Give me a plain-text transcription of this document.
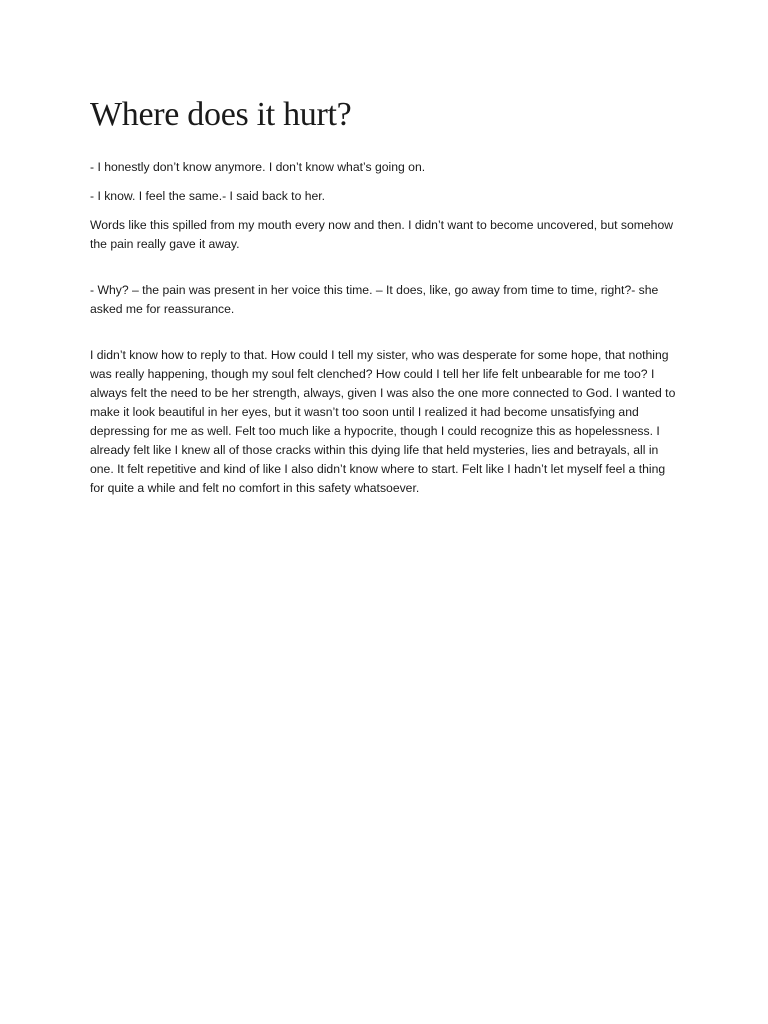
Where does it hurt?

- I honestly don’t know anymore. I don’t know what’s going on.

- I know. I feel the same.- I said back to her.

Words like this spilled from my mouth every now and then. I didn’t want to become uncovered, but somehow the pain really gave it away.

- Why? – the pain was present in her voice this time. – It does, like, go away from time to time, right?- she asked me for reassurance.

I didn’t know how to reply to that. How could I tell my sister, who was desperate for some hope, that nothing was really happening, though my soul felt clenched? How could I tell her life felt unbearable for me too? I always felt the need to be her strength, always, given I was also the one more connected to God. I wanted to make it look beautiful in her eyes, but it wasn’t too soon until I realized it had become unsatisfying and depressing for me as well. Felt too much like a hypocrite, though I could recognize this as hopelessness. I already felt like I knew all of those cracks within this dying life that held mysteries, lies and betrayals, all in one. It felt repetitive and kind of like I also didn’t know where to start. Felt like I hadn’t let myself feel a thing for quite a while and felt no comfort in this safety whatsoever.
